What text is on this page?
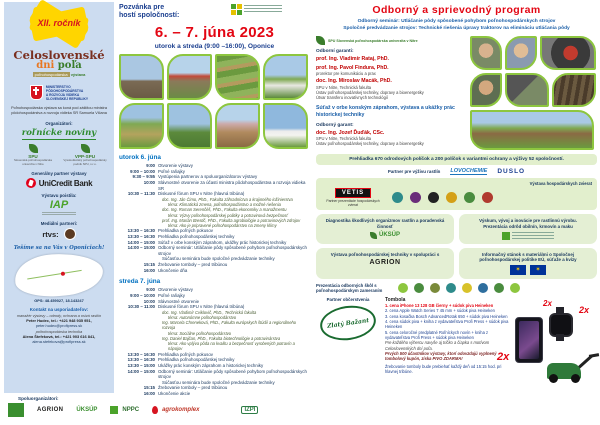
XII. ročník
Celoslovenské
dni poľa
poľnohospodárska výstava
MINISTERSTVO
PÔDOHOSPODÁRSTVA
A ROZVOJA VIDIEKA
SLOVENSKEJ REPUBLIKY
Poľnohospodárska výstava sa koná pod záštitou ministra pôdohospodárstva a rozvoja vidieka SR Samuela Vlčana
Organizátori:
roľnícke noviny
SPU
Slovenská poľnohospodárska univerzita v Nitre
VPP-SPU
Vysokoškolský poľnohospodársky podnik SPU, s.r.o.
Generálny partner výstavy
UniCredit Bank
Výstavu poistila:
IAP
Mediálni partneri:
rtvs:
Tešíme sa na Vás v Oponiciach!
GPS: 48.459027, 18.143247
Kontakt na usporiadateľov:
manažér výstavy – odrody, ochrana a osivá rastlín
Peter Hudec, tel.: +421 948 935 951,
peter.hudec@profipress.sk
poľnohospodárska technika
Alena Štefeková, tel.: +421 903 616 841,
alena.stefekova@profipress.sk
Spoluorganizátori:
AGRION ÚKSÚP	NPPC	agrokomplex ASYF	IZPI
Pozvánka pre
hostí spoločností:
6. – 7. júna 2023
utorok a streda (9:00 –16:00), Oponice
utorok 6. júna
9:00 Otvorenie výstavy
9:00 – 10:00 Poľné raňajky
9:30 – 9:55 Vystúpenia partnerov a spoluorganizátorov výstavy
10:00 Slávnostné otvorenie za účasti ministra pôdohospodárstva a rozvoja vidieka SR
10:30 – 11:30 Diskusné fórum SPU v Nitre (hlavná tribúna)
doc. Ing. Ján Čimo, PhD., Fakulta záhradníctva a krajinného inžinierstva
téma: Klimatická zmena, poľnohospodárstvo a možné riešenia
doc. Ing. Roman Serenčéš, PhD., Fakulta ekonomiky a manažmentu
téma: Výzvy poľnohospodárskej politiky a potravinová bezpečnosť
prof. Ing. Marián Brestič, PhD., Fakulta agrobiológie a potravinových zdrojov
téma: Ako je pripravené poľnohospodárstvo na zmeny klímy
13:30 – 16:30 Prehliadka poľných pokusov
13:30 – 16:30 Prehliadka poľnohospodárskej techniky
14:00 – 15:00 Súťaž v orbe konským záprahom, ukážky prác historickej techniky
14:00 – 15:00 Odborný seminár: Utláčanie pôdy spôsobené pohybom poľnohospodárskych strojov
Súčasťou seminára bude spoločné predvádzanie techniky
15:15 Žrebovanie tomboly – pred tribúnou
16:00 Ukončenie dňa
streda 7. júna
9:00 Otvorenie výstavy
9:00 – 10:00 Poľné raňajky
10:00 Slávnostné otvorenie
10:30 – 11:00 Diskusné fórum SPU v Nitre (hlavná tribúna)
doc. Ing. Vladimír Cviklovič, PhD., Technická fakulta
téma: Autonómne poľnohospodárstvo
Ing. Marcela Chreneková, PhD., Fakulta európskych štúdií a regionálneho rozvoja
téma: Sociálne poľnohospodárstvo
Ing. Daniel Bajčan, PhD., Fakulta biotechnológie a potravinárstva
téma: Ako vplýva pôda na kvalitu a bezpečnosť vyrobených potravín a nápojov
13:30 – 16:30 Prehliadka poľných pokusov
13:30 – 16:30 Prehliadka poľnohospodárskej techniky
13:30 – 15:00 Ukážky prác konským záprahom a historickej techniky
14:00 – 15:00 Odborný seminár: Utláčanie pôdy spôsobené pohybom poľnohospodárskych strojov
Súčasťou seminára bude spoločné predvádzanie techniky
15:15 Žrebovanie tomboly – pred tribúnou
16:00 Ukončenie akcie
Odborný a sprievodný program
Odborný seminár: Utláčanie pôdy spôsobené pohybom poľnohospodárskych strojov
Spoločné predvádzanie strojov: Technické riešenia úpravy traktorov na elimináciu utláčania pôdy
SPU Slovenská poľnohospodárska univerzita v Nitre
Odborní garanti:
prof. Ing. Vladimír Rataj, PhD.
prof. Ing. Pavol Findura, PhD.
prorektor pre komunikáciu a prax
doc. Ing. Miroslav Macák, PhD.
SPU v Nitre, Technická fakulta
Ústav poľnohospodárskej techniky, dopravy a bioenergetiky
Útvar transferu inovatívnych technológií
Súťaž v orbe konským záprahom, výstava a ukážky prác historickej techniky
Odborný garant:
doc. Ing. Jozef Ďuďák, CSc.
SPU v Nitre, Technická fakulta
Ústav poľnohospodárskej techniky, dopravy a bioenergetiky
Prehliadka 670 odrodových políčok a 200 políčok s variantmi ochrany a výživy 52 spoločností.
Partner pre výživu rastlín LOVOCHEMIE DUSLO
Výstava hospodárskych zvierat
VETIS
Partner prezentácie hospodárskych zvierat
Diagnostika škodlivých organizmov rastlín a poradenská činnosť
ÚKSÚP
Výskum, vývoj a inovácie pre rastlinnú výrobu.
Prezentácia odrôd obilnín, krmovín a maku
Výstava poľnohospodárskej techniky v spolupráci s
AGRION
Informačný stánok s materiálmi o Spoločnej poľnohospodárskej politike EÚ, súťaže a kvízy
✶	✶
Prezentácia odborných škôl s poľnohospodárskym zameraním
Partner občerstvenia
Zlatý Bažant
Tombola
1. cena iPhone 13 128 GB čierny + súdok piva Heineken
2. cena Apple Watch Series 7 45 mm + súdok piva Heineken
3. cena kosačka Bosch AdvancedRotak 650 + súdok piva Heineken
4. cena súdok piva + kniha z vydavateľstva Profi Press + súdok piva Heineken
5. cena celoročné predplatné Roľníckych novín + kniha z vydavateľstva Profi Press + súdok piva Heineken
Pre každého výhercu navyše aj tričko a čiapka s motívom Celoslovenských dní poľa.
Prvých 500 účastníkov výstavy, ktorí odovzdajú vyplnený tombolový kupón, získa PIVO ZDARMA!
Žrebovanie tomboly bude prebiehať každý deň od 15:15 hod. pri hlavnej tribúne.
2x
2x
2x
